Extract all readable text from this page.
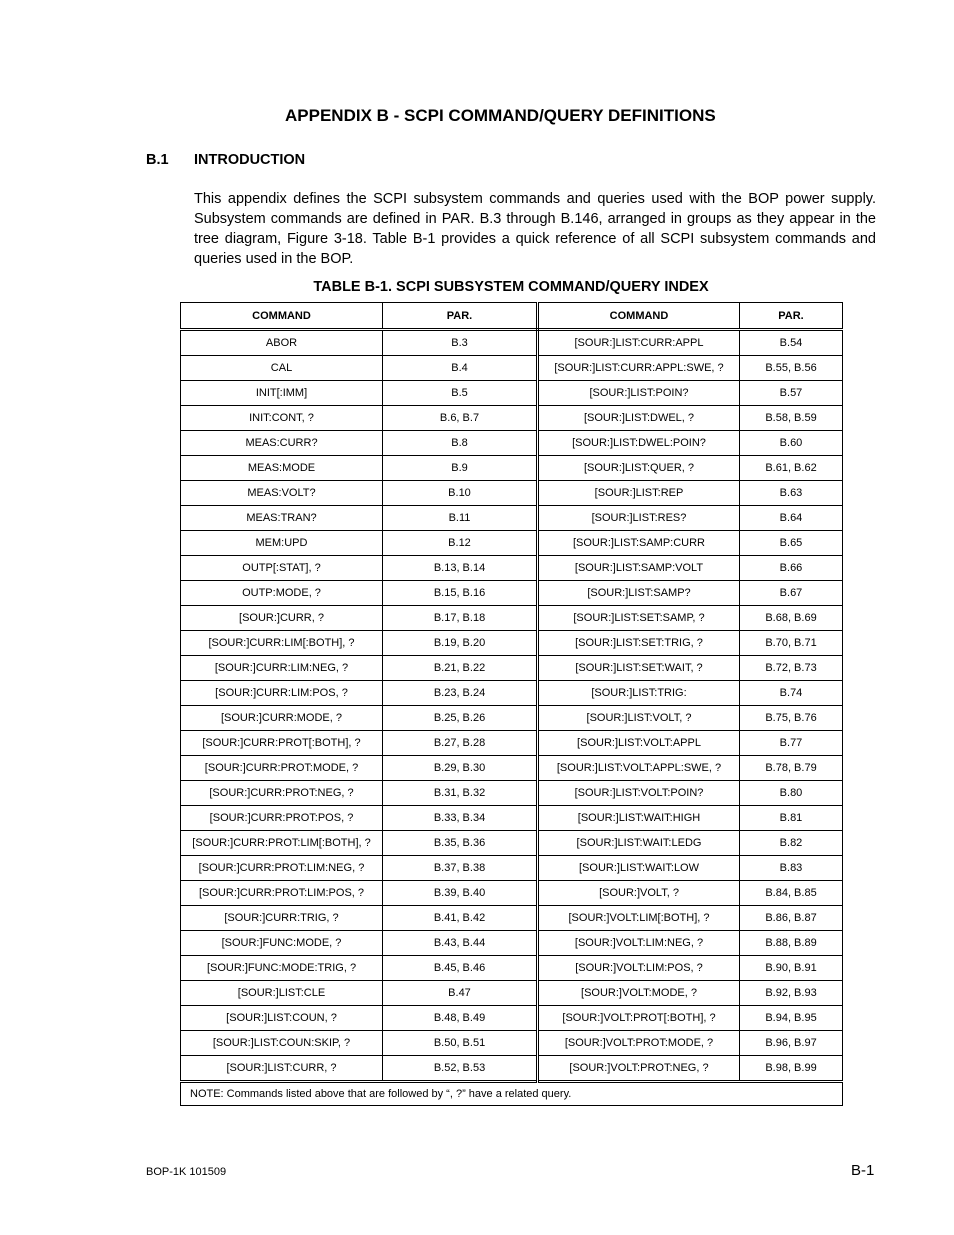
APPENDIX B - SCPI COMMAND/QUERY DEFINITIONS
B.1 INTRODUCTION

This appendix defines the SCPI subsystem commands and queries used with the BOP power supply. Subsystem commands are defined in PAR. B.3 through B.146, arranged in groups as they appear in the tree diagram, Figure 3-18. Table B-1 provides a quick reference of all SCPI subsystem commands and queries used in the BOP.

TABLE B-1. SCPI SUBSYSTEM COMMAND/QUERY INDEX
COMMAND	PAR.	COMMAND	PAR.
ABOR	B.3	[SOUR:]LIST:CURR:APPL	B.54
CAL	B.4	[SOUR:]LIST:CURR:APPL:SWE, ?	B.55, B.56
INIT[:IMM]	B.5	[SOUR:]LIST:POIN?	B.57
INIT:CONT, ?	B.6, B.7	[SOUR:]LIST:DWEL, ?	B.58, B.59
MEAS:CURR?	B.8	[SOUR:]LIST:DWEL:POIN?	B.60
MEAS:MODE	B.9	[SOUR:]LIST:QUER, ?	B.61, B.62
MEAS:VOLT?	B.10	[SOUR:]LIST:REP	B.63
MEAS:TRAN?	B.11	[SOUR:]LIST:RES?	B.64
MEM:UPD	B.12	[SOUR:]LIST:SAMP:CURR	B.65
OUTP[:STAT], ?	B.13, B.14	[SOUR:]LIST:SAMP:VOLT	B.66
OUTP:MODE, ?	B.15, B.16	[SOUR:]LIST:SAMP?	B.67
[SOUR:]CURR, ?	B.17, B.18	[SOUR:]LIST:SET:SAMP, ?	B.68, B.69
[SOUR:]CURR:LIM[:BOTH], ?	B.19, B.20	[SOUR:]LIST:SET:TRIG, ?	B.70, B.71
[SOUR:]CURR:LIM:NEG, ?	B.21, B.22	[SOUR:]LIST:SET:WAIT, ?	B.72, B.73
[SOUR:]CURR:LIM:POS, ?	B.23, B.24	[SOUR:]LIST:TRIG:	B.74
[SOUR:]CURR:MODE, ?	B.25, B.26	[SOUR:]LIST:VOLT, ?	B.75, B.76
[SOUR:]CURR:PROT[:BOTH], ?	B.27, B.28	[SOUR:]LIST:VOLT:APPL	B.77
[SOUR:]CURR:PROT:MODE, ?	B.29, B.30	[SOUR:]LIST:VOLT:APPL:SWE, ?	B.78, B.79
[SOUR:]CURR:PROT:NEG, ?	B.31, B.32	[SOUR:]LIST:VOLT:POIN?	B.80
[SOUR:]CURR:PROT:POS, ?	B.33, B.34	[SOUR:]LIST:WAIT:HIGH	B.81
[SOUR:]CURR:PROT:LIM[:BOTH], ?	B.35, B.36	[SOUR:]LIST:WAIT:LEDG	B.82
[SOUR:]CURR:PROT:LIM:NEG, ?	B.37, B.38	[SOUR:]LIST:WAIT:LOW	B.83
[SOUR:]CURR:PROT:LIM:POS, ?	B.39, B.40	[SOUR:]VOLT, ?	B.84, B.85
[SOUR:]CURR:TRIG, ?	B.41, B.42	[SOUR:]VOLT:LIM[:BOTH], ?	B.86, B.87
[SOUR:]FUNC:MODE, ?	B.43, B.44	[SOUR:]VOLT:LIM:NEG, ?	B.88, B.89
[SOUR:]FUNC:MODE:TRIG, ?	B.45, B.46	[SOUR:]VOLT:LIM:POS, ?	B.90, B.91
[SOUR:]LIST:CLE	B.47	[SOUR:]VOLT:MODE, ?	B.92, B.93
[SOUR:]LIST:COUN, ?	B.48, B.49	[SOUR:]VOLT:PROT[:BOTH], ?	B.94, B.95
[SOUR:]LIST:COUN:SKIP, ?	B.50, B.51	[SOUR:]VOLT:PROT:MODE, ?	B.96, B.97
[SOUR:]LIST:CURR, ?	B.52, B.53	[SOUR:]VOLT:PROT:NEG, ?	B.98, B.99
NOTE: Commands listed above that are followed by “, ?” have a related query.			
BOP-1K 101509	B-1
